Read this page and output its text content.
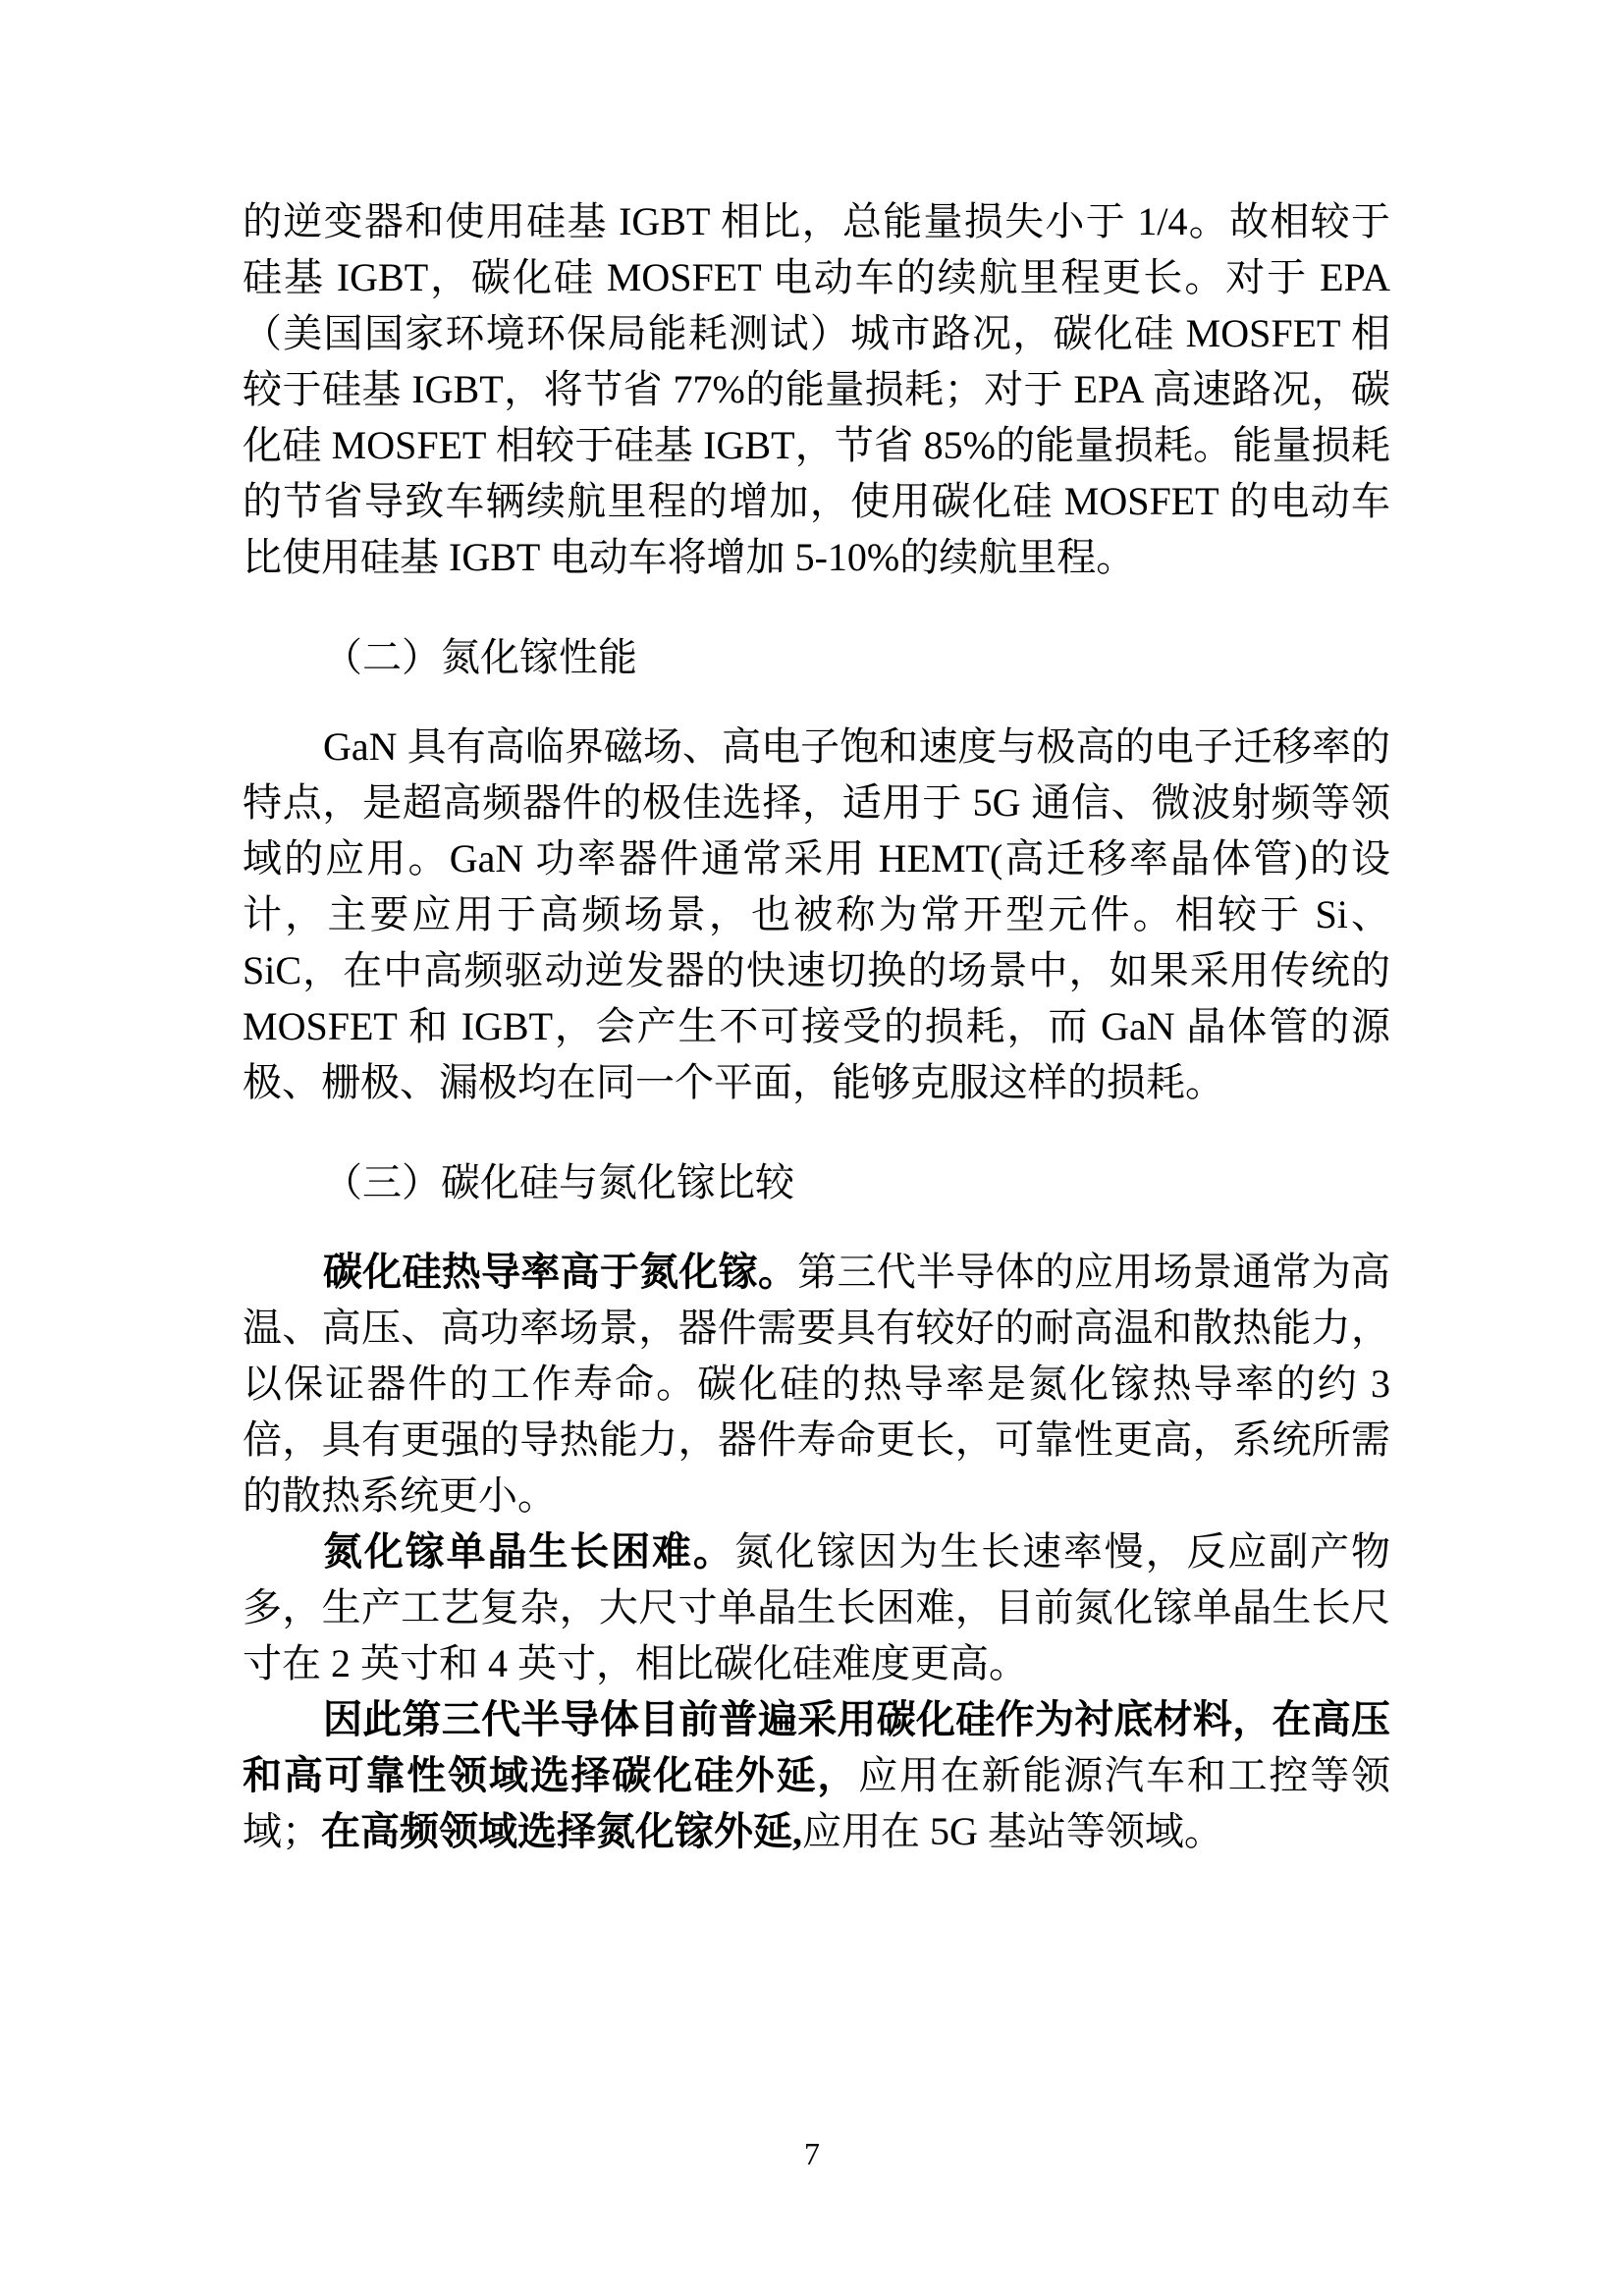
的逆变器和使用硅基 IGBT 相比，总能量损失小于 1/4。故相较于硅基 IGBT，碳化硅 MOSFET 电动车的续航里程更长。对于 EPA（美国国家环境环保局能耗测试）城市路况，碳化硅 MOSFET 相较于硅基 IGBT，将节省 77%的能量损耗；对于 EPA 高速路况，碳化硅 MOSFET 相较于硅基 IGBT，节省 85%的能量损耗。能量损耗的节省导致车辆续航里程的增加，使用碳化硅 MOSFET 的电动车比使用硅基 IGBT 电动车将增加 5-10%的续航里程。

（二）氮化镓性能

GaN 具有高临界磁场、高电子饱和速度与极高的电子迁移率的特点，是超高频器件的极佳选择，适用于 5G 通信、微波射频等领域的应用。GaN 功率器件通常采用 HEMT(高迁移率晶体管)的设计，主要应用于高频场景，也被称为常开型元件。相较于 Si、SiC，在中高频驱动逆发器的快速切换的场景中，如果采用传统的 MOSFET 和 IGBT，会产生不可接受的损耗，而 GaN 晶体管的源极、栅极、漏极均在同一个平面，能够克服这样的损耗。

（三）碳化硅与氮化镓比较

碳化硅热导率高于氮化镓。第三代半导体的应用场景通常为高温、高压、高功率场景，器件需要具有较好的耐高温和散热能力，以保证器件的工作寿命。碳化硅的热导率是氮化镓热导率的约 3 倍，具有更强的导热能力，器件寿命更长，可靠性更高，系统所需的散热系统更小。

氮化镓单晶生长困难。氮化镓因为生长速率慢，反应副产物多，生产工艺复杂，大尺寸单晶生长困难，目前氮化镓单晶生长尺寸在 2 英寸和 4 英寸，相比碳化硅难度更高。

因此第三代半导体目前普遍采用碳化硅作为衬底材料，在高压和高可靠性领域选择碳化硅外延，应用在新能源汽车和工控等领域；在高频领域选择氮化镓外延,应用在 5G 基站等领域。

7
